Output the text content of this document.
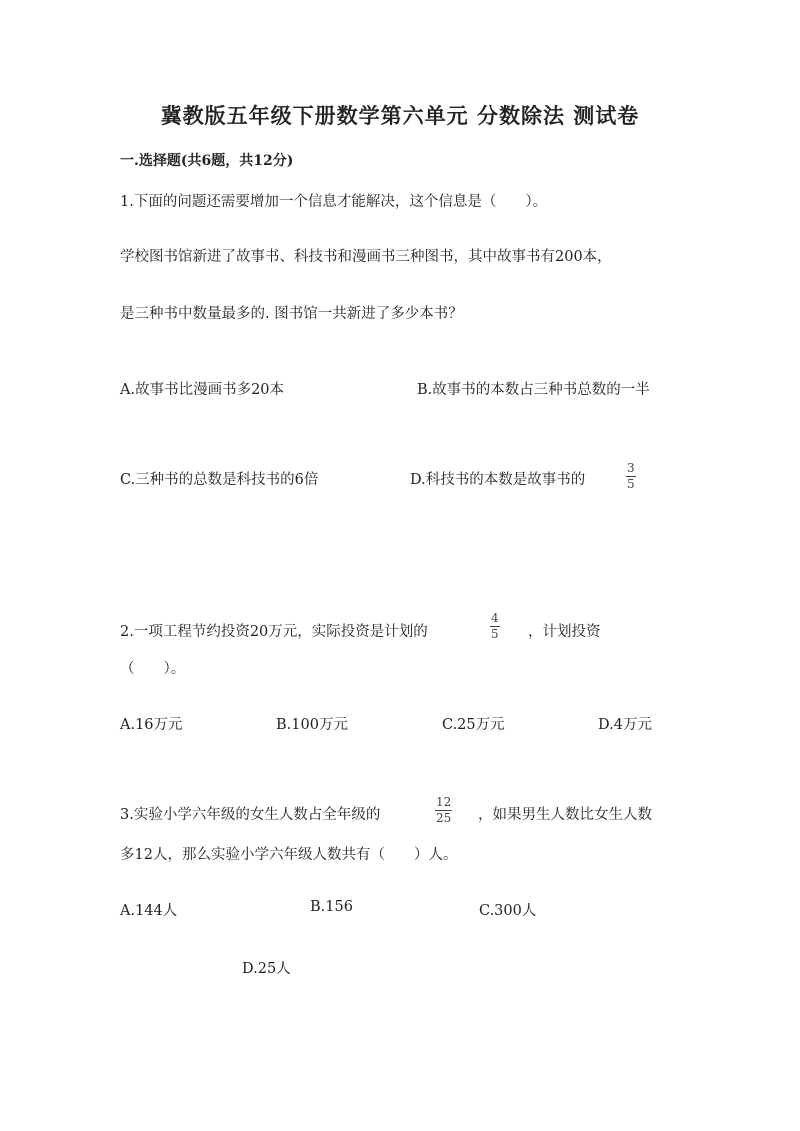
冀教版五年级下册数学第六单元 分数除法 测试卷
一.选择题(共6题，共12分)
1.下面的问题还需要增加一个信息才能解决，这个信息是（　　）。
学校图书馆新进了故事书、科技书和漫画书三种图书，其中故事书有200本，
是三种书中数量最多的. 图书馆一共新进了多少本书？
A.故事书比漫画书多20本	B.故事书的本数占三种书总数的一半
C.三种书的总数是科技书的6倍	D.科技书的本数是故事书的
3
5
2.一项工程节约投资20万元，实际投资是计划的
4
5 ，计划投资
（　　）。
A.16万元	B.100万元	C.25万元	D.4万元
3.实验小学六年级的女生人数占全年级的
12
25 ，如果男生人数比女生人数
多12人，那么实验小学六年级人数共有（　　）人。
A.144人	B.156	C.300人
D.25人
